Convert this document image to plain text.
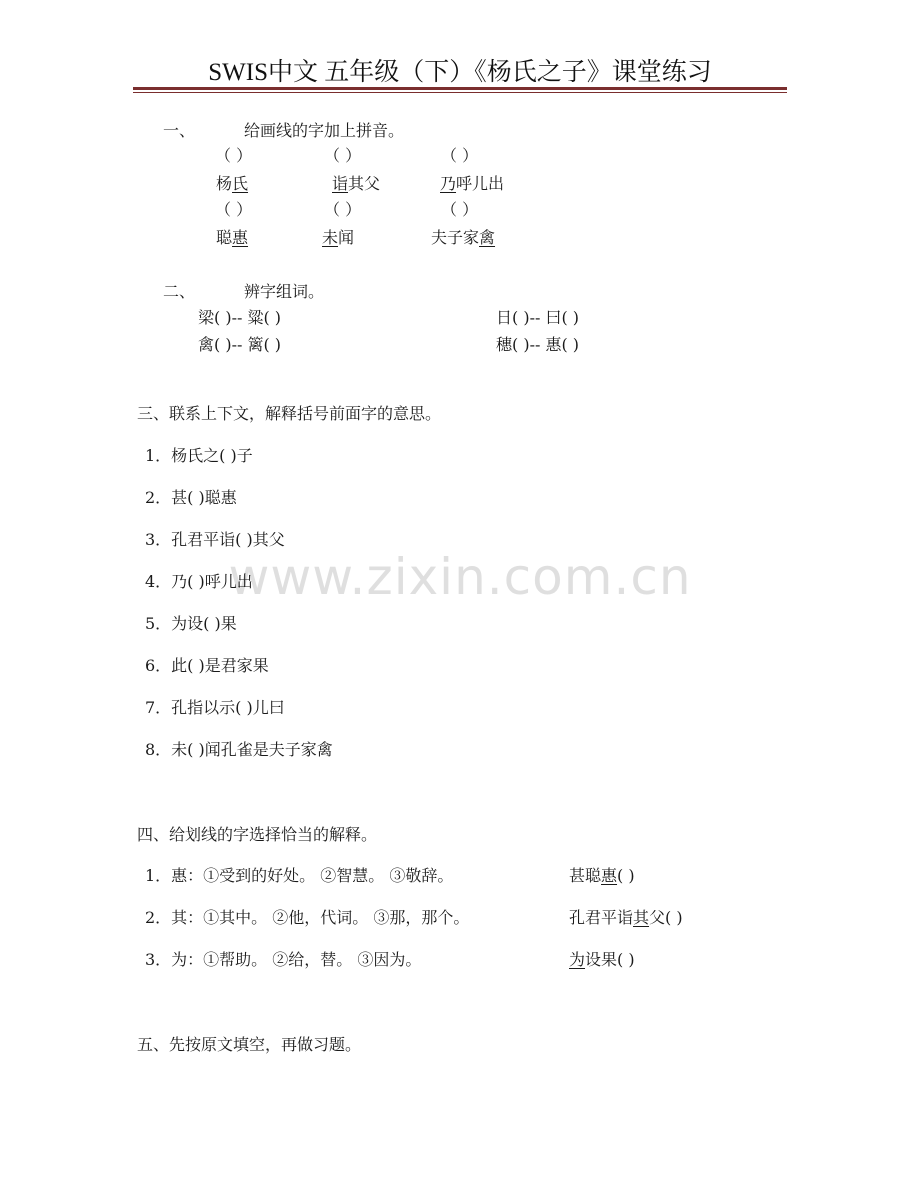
SWIS中文 五年级（下）《杨氏之子》课堂练习
www.zixin.com.cn
一、	给画线的字加上拼音。
（ ）	（ ）	（ ）
杨氏	诣其父	乃呼儿出
（ ）	（ ）	（ ）
聪惠	未闻	夫子家禽
二、	辨字组词。
梁( )-- 粱( )	日( )-- 曰( )
禽( )-- 篱( )	穗( )-- 惠( )
三、联系上下文，解释括号前面字的意思。
1．杨氏之( )子
2．甚( )聪惠
3．孔君平诣( )其父
4．乃( )呼儿出
5．为设( )果
6．此( )是君家果
7．孔指以示( )儿曰
8．未( )闻孔雀是夫子家禽
四、给划线的字选择恰当的解释。
1．惠：①受到的好处。 ②智慧。 ③敬辞。	甚聪惠( )
2．其：①其中。 ②他，代词。 ③那，那个。	孔君平诣其父( )
3．为：①帮助。 ②给，替。 ③因为。	为设果( )
五、先按原文填空，再做习题。
